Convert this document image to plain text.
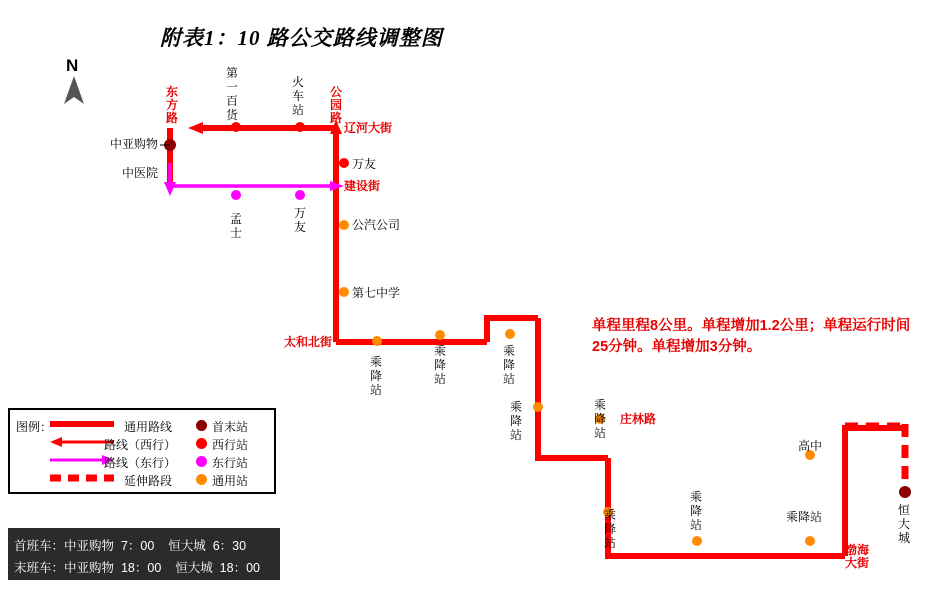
附表1：10 路公交路线调整图
N
东方路
公园路
辽河大街
建设街
太和北街
庄林路
渤海大街
第一百货
火车站
中亚购物
中医院
孟士
万友
万友
公汽公司
第七中学
高中
恒大城
乘降站
乘降站
乘降站
乘降站
乘降站
乘降站
乘降站
乘降站
单程里程8公里。单程增加1.2公里；单程运行时间25分钟。单程增加3分钟。
图例：	通用路线
路线（西行）
路线（东行）
延伸路段
首末站
西行站
东行站
通用站
首班车：中亚购物 7：00 恒大城 6：30
末班车：中亚购物 18：00 恒大城 18：00
